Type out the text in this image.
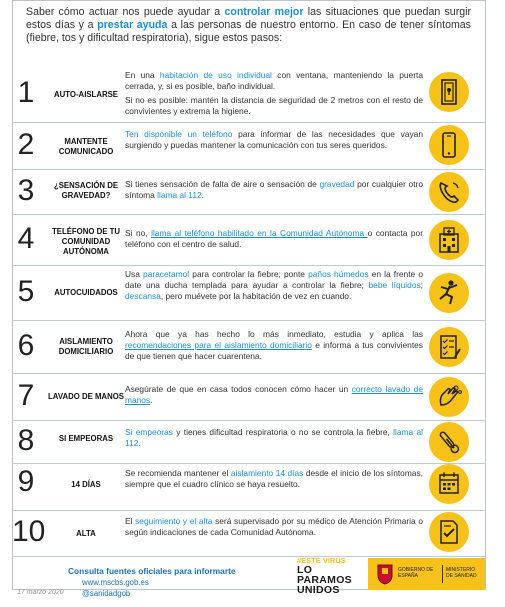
Saber cómo actuar nos puede ayudar a controlar mejor las situaciones que puedan surgir estos días y a prestar ayuda a las personas de nuestro entorno. En caso de tener síntomas (fiebre, tos y dificultad respiratoria), sigue estos pasos:
1	AUTO-AISLARSE
En una habitación de uso individual con ventana, manteniendo la puerta cerrada, y, si es posible, baño individual.
Si no es posible: mantén la distancia de seguridad de 2 metros con el resto de convivientes y extrema la higiene.
2	MANTENTE COMUNICADO
Ten disponible un teléfono para informar de las necesidades que vayan surgiendo y puedas mantener la comunicación con tus seres queridos.
3	¿SENSACIÓN DE GRAVEDAD?
Si tienes sensación de falta de aire o sensación de gravedad por cualquier otro síntoma llama al 112.
4	TELÉFONO DE TU COMUNIDAD AUTÓNOMA
Si no, llama al teléfono habilitado en la Comunidad Autónoma o contacta por teléfono con el centro de salud.
5	AUTOCUIDADOS
Usa paracetamol para controlar la fiebre; ponte paños húmedos en la frente o date una ducha templada para ayudar a controlar la fiebre; bebe líquidos; descansa, pero muévete por la habitación de vez en cuando.
6	AISLAMIENTO DOMICILIARIO
Ahora que ya has hecho lo más inmediato, estudia y aplica las recomendaciones para el aislamiento domiciliario e informa a tus convivientes de que tienen que hacer cuarentena.
7	LAVADO DE MANOS
Asegúrate de que en casa todos conocen cómo hacer un correcto lavado de manos.
8	SI EMPEORAS
Si empeoras y tienes dificultad respiratoria o no se controla la fiebre, llama al 112.
9	14 DÍAS
Se recomienda mantener el aislamiento 14 días desde el inicio de los síntomas, siempre que el cuadro clínico se haya resuelto.
10	ALTA
El seguimiento y el alta será supervisado por su médico de Atención Primaria o según indicaciones de cada Comunidad Autónoma.
Consulta fuentes oficiales para informarte
www.mscbs.gob.es
@sanidadgob
17 marzo 2020
#ESTE VIRUS
LO PARAMOS UNIDOS
GOBIERNO DE ESPAÑA
MINISTERIO DE SANIDAD
